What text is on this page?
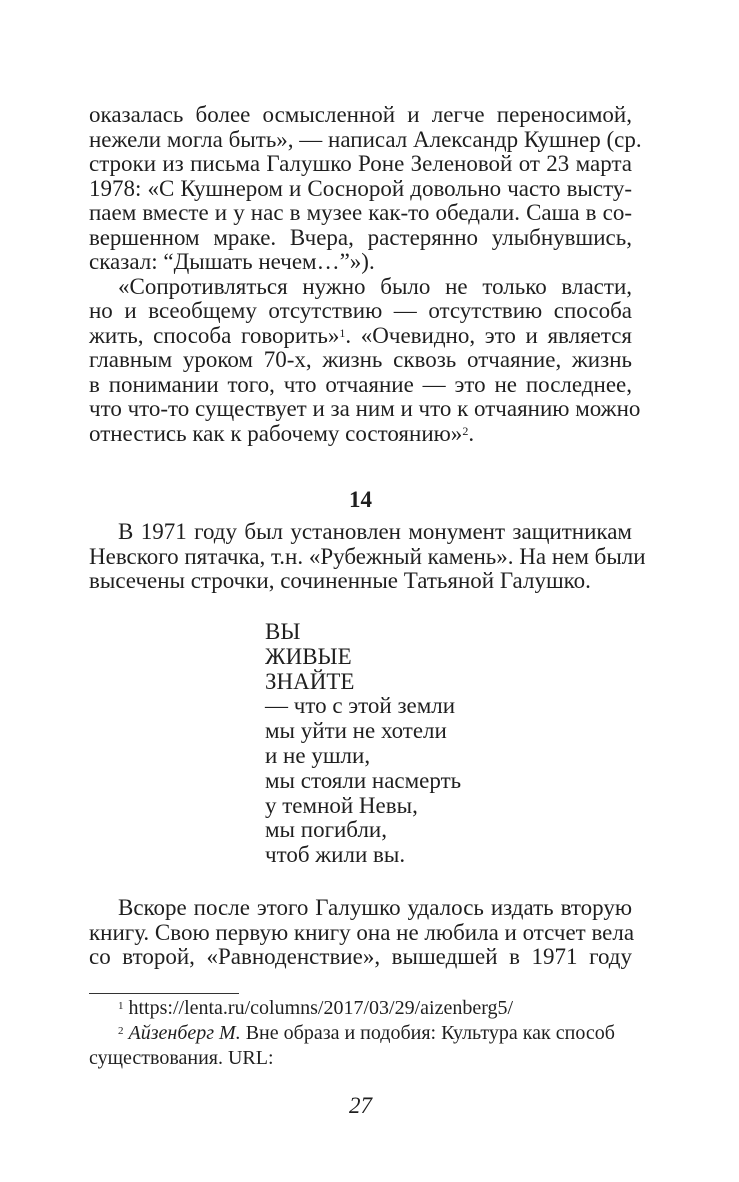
оказалась более осмысленной и легче переносимой,
нежели могла быть», — написал Александр Кушнер (ср.
строки из письма Галушко Роне Зеленовой от 23 марта
1978: «С Кушнером и Соснорой довольно часто высту-
паем вместе и у нас в музее как-то обедали. Саша в со-
вершенном мраке. Вчера, растерянно улыбнувшись,
сказал: “Дышать нечем…”»).
«Сопротивляться нужно было не только власти,
но и всеобщему отсутствию — отсутствию способа
жить, способа говорить»$^1$. «Очевидно, это и является
главным уроком 70-х, жизнь сквозь отчаяние, жизнь
в понимании того, что отчаяние — это не последнее,
что что-то существует и за ним и что к отчаянию можно
отнестись как к рабочему состоянию»$^2$.
14
В 1971 году был установлен монумент защитникам
Невского пятачка, т.н. «Рубежный камень». На нем были
высечены строчки, сочиненные Татьяной Галушко.
ВЫ
ЖИВЫЕ
ЗНАЙТЕ
— что с этой земли
мы уйти не хотели
и не ушли,
мы стояли насмерть
у темной Невы,
мы погибли,
чтоб жили вы.
Вскоре после этого Галушко удалось издать вторую
книгу. Свою первую книгу она не любила и отсчет вела
со второй, «Равноденствие», вышедшей в 1971 году
$^1$ https://lenta.ru/columns/2017/03/29/aizenberg5/
$^2$ Айзенберг М. Вне образа и подобия: Культура как способ
существования. URL:
27
